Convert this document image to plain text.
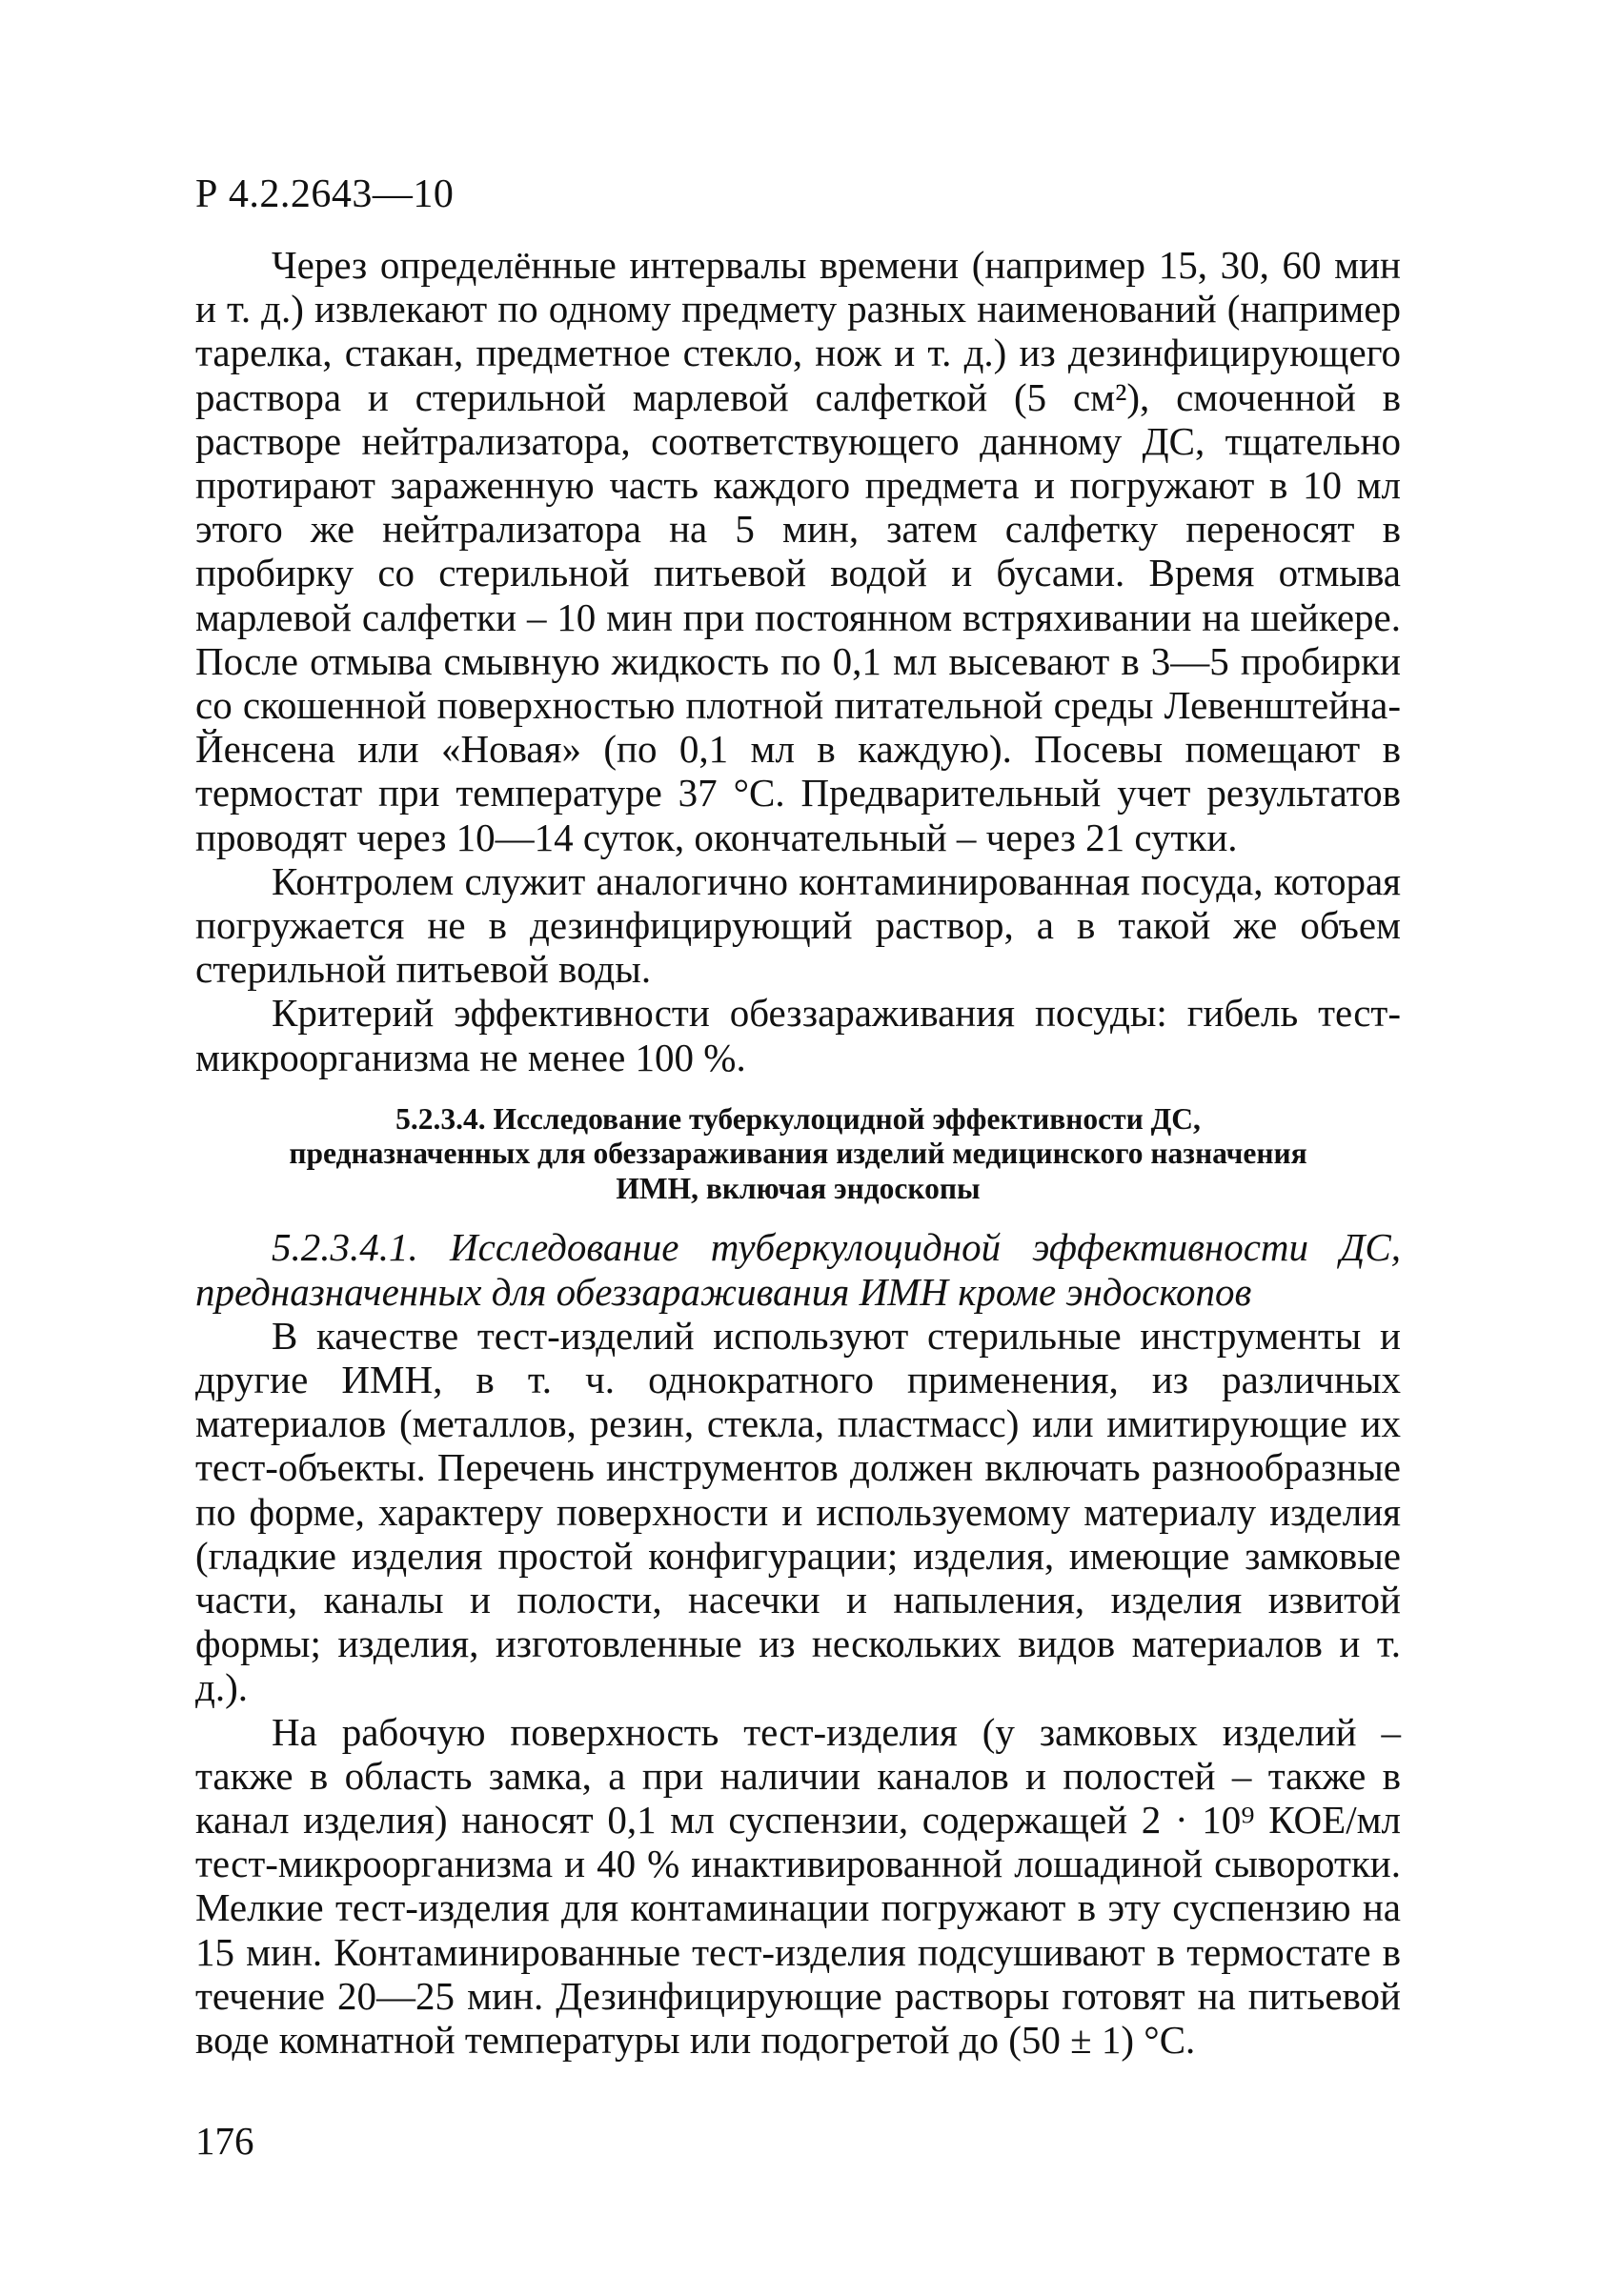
Р 4.2.2643—10

Через определённые интервалы времени (например 15, 30, 60 мин и т. д.) извлекают по одному предмету разных наименований (например тарелка, стакан, предметное стекло, нож и т. д.) из дезинфицирующего раствора и стерильной марлевой салфеткой (5 см²), смоченной в растворе нейтрализатора, соответствующего данному ДС, тщательно протирают зараженную часть каждого предмета и погружают в 10 мл этого же нейтрализатора на 5 мин, затем салфетку переносят в пробирку со стерильной питьевой водой и бусами. Время отмыва марлевой салфетки – 10 мин при постоянном встряхивании на шейкере. После отмыва смывную жидкость по 0,1 мл высевают в 3—5 пробирки со скошенной поверхностью плотной питательной среды Левенштейна-Йенсена или «Новая» (по 0,1 мл в каждую). Посевы помещают в термостат при температуре 37 °С. Предварительный учет результатов проводят через 10—14 суток, окончательный – через 21 сутки.

Контролем служит аналогично контаминированная посуда, которая погружается не в дезинфицирующий раствор, а в такой же объем стерильной питьевой воды.

Критерий эффективности обеззараживания посуды: гибель тест-микроорганизма не менее 100 %.

5.2.3.4. Исследование туберкулоцидной эффективности ДС,
предназначенных для обеззараживания изделий медицинского назначения
ИМН, включая эндоскопы

5.2.3.4.1. Исследование туберкулоцидной эффективности ДС, предназначенных для обеззараживания ИМН кроме эндоскопов

В качестве тест-изделий используют стерильные инструменты и другие ИМН, в т. ч. однократного применения, из различных материалов (металлов, резин, стекла, пластмасс) или имитирующие их тест-объекты. Перечень инструментов должен включать разнообразные по форме, характеру поверхности и используемому материалу изделия (гладкие изделия простой конфигурации; изделия, имеющие замковые части, каналы и полости, насечки и напыления, изделия извитой формы; изделия, изготовленные из нескольких видов материалов и т. д.).

На рабочую поверхность тест-изделия (у замковых изделий – также в область замка, а при наличии каналов и полостей – также в канал изделия) наносят 0,1 мл суспензии, содержащей 2 · 10⁹ КОЕ/мл тест-микроорганизма и 40 % инактивированной лошадиной сыворотки. Мелкие тест-изделия для контаминации погружают в эту суспензию на 15 мин. Контаминированные тест-изделия подсушивают в термостате в течение 20—25 мин. Дезинфицирующие растворы готовят на питьевой воде комнатной температуры или подогретой до (50 ± 1) °С.

176
